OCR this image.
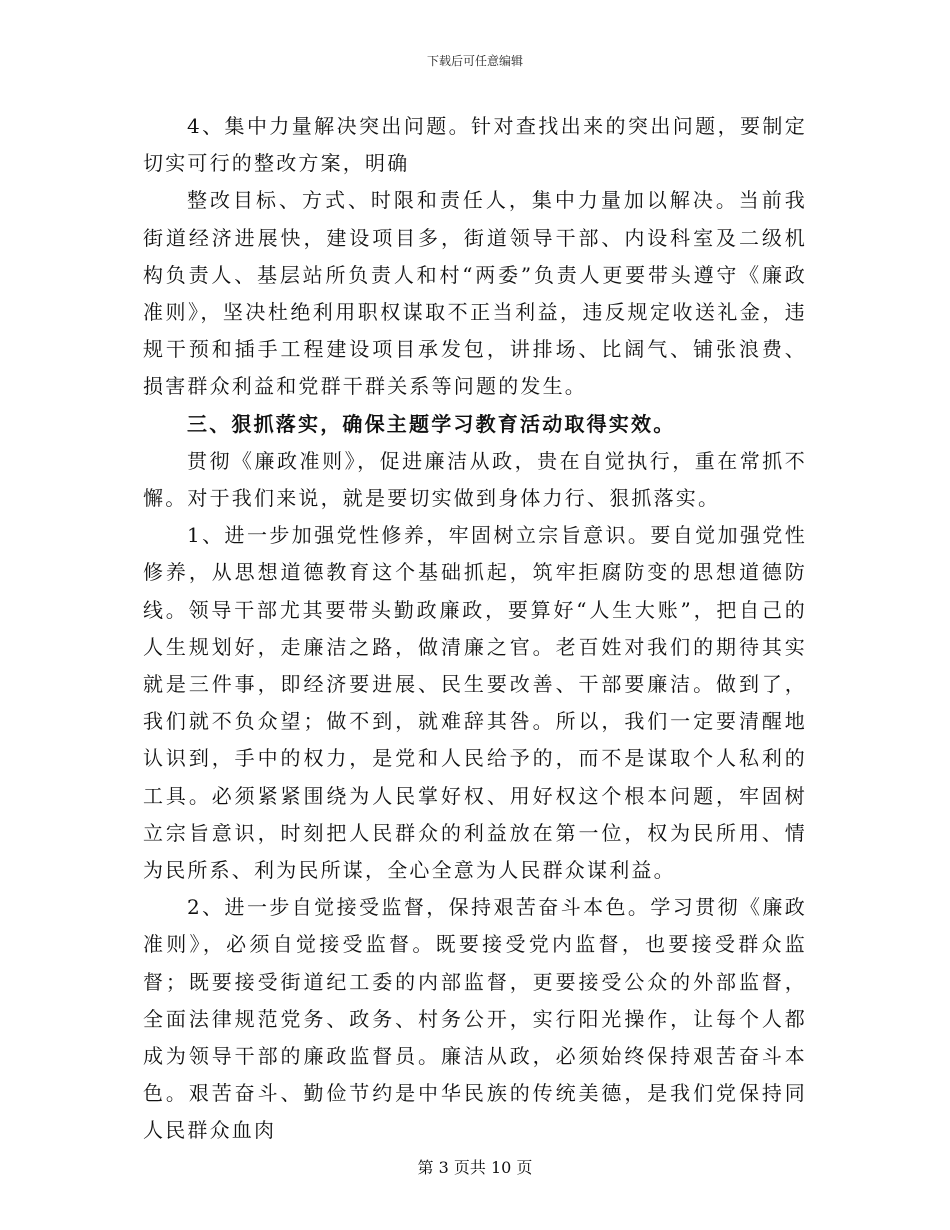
下载后可任意编辑

4、集中力量解决突出问题。针对查找出来的突出问题，要制定切实可行的整改方案，明确

整改目标、方式、时限和责任人，集中力量加以解决。当前我街道经济进展快，建设项目多，街道领导干部、内设科室及二级机构负责人、基层站所负责人和村“两委”负责人更要带头遵守《廉政准则》，坚决杜绝利用职权谋取不正当利益，违反规定收送礼金，违规干预和插手工程建设项目承发包，讲排场、比阔气、铺张浪费、损害群众利益和党群干群关系等问题的发生。

三、狠抓落实，确保主题学习教育活动取得实效。

贯彻《廉政准则》，促进廉洁从政，贵在自觉执行，重在常抓不懈。对于我们来说，就是要切实做到身体力行、狠抓落实。

1、进一步加强党性修养，牢固树立宗旨意识。要自觉加强党性修养，从思想道德教育这个基础抓起，筑牢拒腐防变的思想道德防线。领导干部尤其要带头勤政廉政，要算好“人生大账”，把自己的人生规划好，走廉洁之路，做清廉之官。老百姓对我们的期待其实就是三件事，即经济要进展、民生要改善、干部要廉洁。做到了，我们就不负众望；做不到，就难辞其咎。所以，我们一定要清醒地认识到，手中的权力，是党和人民给予的，而不是谋取个人私利的工具。必须紧紧围绕为人民掌好权、用好权这个根本问题，牢固树立宗旨意识，时刻把人民群众的利益放在第一位，权为民所用、情为民所系、利为民所谋，全心全意为人民群众谋利益。

2、进一步自觉接受监督，保持艰苦奋斗本色。学习贯彻《廉政准则》，必须自觉接受监督。既要接受党内监督，也要接受群众监督；既要接受街道纪工委的内部监督，更要接受公众的外部监督，全面法律规范党务、政务、村务公开，实行阳光操作，让每个人都成为领导干部的廉政监督员。廉洁从政，必须始终保持艰苦奋斗本色。艰苦奋斗、勤俭节约是中华民族的传统美德，是我们党保持同人民群众血肉

第 3 页共 10 页
